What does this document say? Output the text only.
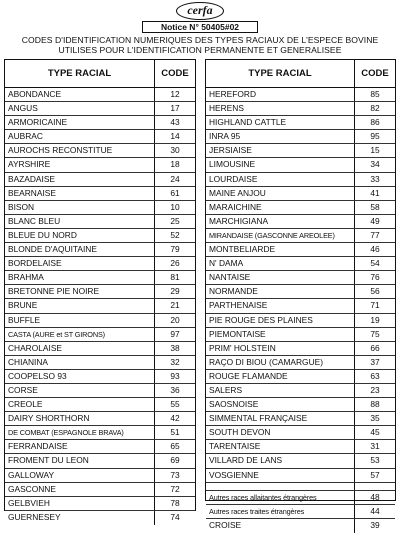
cerfa
Notice N° 50405#02
CODES D'IDENTIFICATION NUMERIQUES DES TYPES RACIAUX DE L'ESPECE BOVINE
UTILISES POUR L'IDENTIFICATION PERMANENTE ET GENERALISEE
TYPE RACIAL	CODE
ABONDANCE	12
ANGUS	17
ARMORICAINE	43
AUBRAC	14
AUROCHS RECONSTITUE	30
AYRSHIRE	18
BAZADAISE	24
BEARNAISE	61
BISON	10
BLANC BLEU	25
BLEUE DU NORD	52
BLONDE D'AQUITAINE	79
BORDELAISE	26
BRAHMA	81
BRETONNE PIE NOIRE	29
BRUNE	21
BUFFLE	20
CASTA (AURE et ST GIRONS)	97
CHAROLAISE	38
CHIANINA	32
COOPELSO 93	93
CORSE	36
CREOLE	55
DAIRY SHORTHORN	42
DE COMBAT (ESPAGNOLE BRAVA)	51
FERRANDAISE	65
FROMENT DU LEON	69
GALLOWAY	73
GASCONNE	72
GELBVIEH	78
GUERNESEY	74
TYPE RACIAL	CODE
HEREFORD	85
HERENS	82
HIGHLAND CATTLE	86
INRA 95	95
JERSIAISE	15
LIMOUSINE	34
LOURDAISE	33
MAINE ANJOU	41
MARAICHINE	58
MARCHIGIANA	49
MIRANDAISE (GASCONNE AREOLEE)	77
MONTBELIARDE	46
N' DAMA	54
NANTAISE	76
NORMANDE	56
PARTHENAISE	71
PIE ROUGE DES PLAINES	19
PIEMONTAISE	75
PRIM' HOLSTEIN	66
RAÇO DI BIOU (CAMARGUE)	37
ROUGE FLAMANDE	63
SALERS	23
SAOSNOISE	88
SIMMENTAL FRANÇAISE	35
SOUTH DEVON	45
TARENTAISE	31
VILLARD DE LANS	53
VOSGIENNE	57
Autres races allaitantes étrangères	48
Autres races traites étrangères	44
CROISE	39
